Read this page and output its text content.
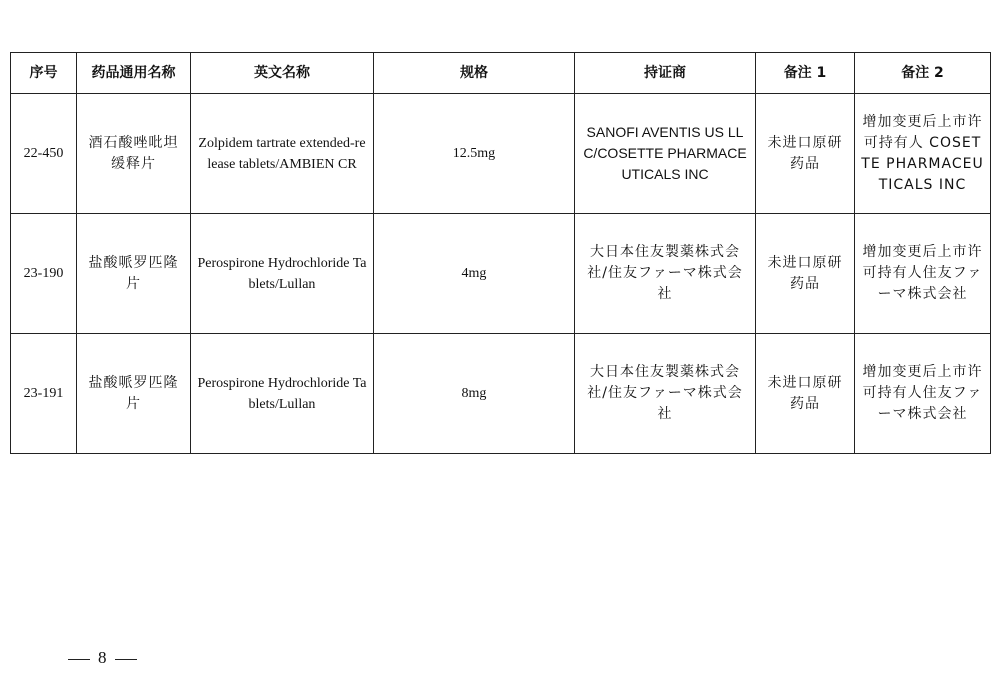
序号	药品通用名称	英文名称	规格	持证商	备注 1	备注 2
22-450	酒石酸唑吡坦缓释片	Zolpidem tartrate extended-release tablets/AMBIEN CR	12.5mg	SANOFI AVENTIS US LLC/COSETTE PHARMACEUTICALS INC	未进口原研药品	增加变更后上市许可持有人 COSETTE PHARMACEUTICALS INC
23-190	盐酸哌罗匹隆片	Perospirone Hydrochloride Tablets/Lullan	4mg	大日本住友製薬株式会社/住友ファーマ株式会社	未进口原研药品	增加变更后上市许可持有人住友ファーマ株式会社
23-191	盐酸哌罗匹隆片	Perospirone Hydrochloride Tablets/Lullan	8mg	大日本住友製薬株式会社/住友ファーマ株式会社	未进口原研药品	增加变更后上市许可持有人住友ファーマ株式会社
8
